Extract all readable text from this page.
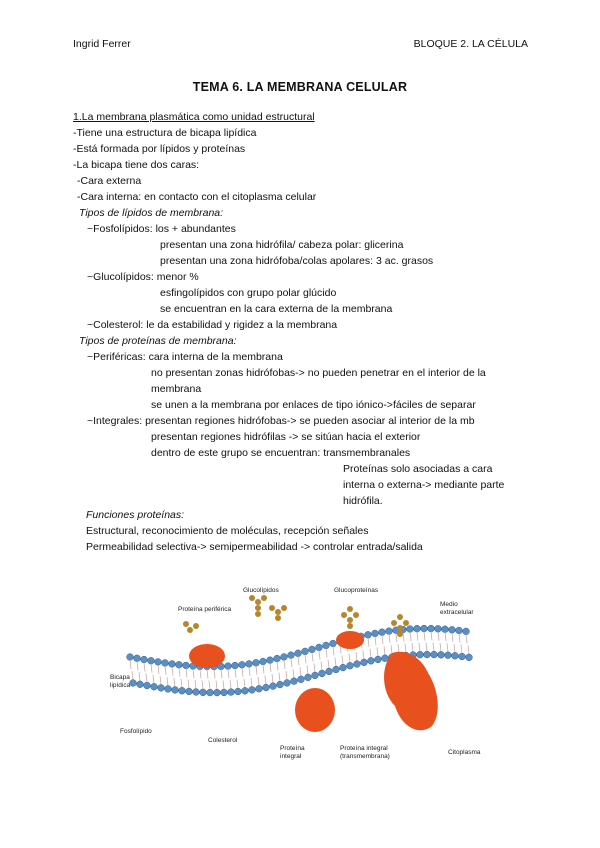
Ingrid Ferrer	BLOQUE 2. LA CÉLULA
TEMA 6. LA MEMBRANA CELULAR
1.La membrana plasmática como unidad estructural
-Tiene una estructura de bicapa lipídica
-Está formada por lípidos y proteínas
-La bicapa tiene dos caras:
-Cara externa
-Cara interna: en contacto con el citoplasma celular
Tipos de lípidos de membrana:
~Fosfolípidos: los + abundantes
presentan una zona hidrófila/ cabeza polar: glicerina
presentan una zona hidrófoba/colas apolares: 3 ac. grasos
~Glucolípidos: menor %
esfingolípidos con grupo polar glúcido
se encuentran en la cara externa de la membrana
~Colesterol: le da estabilidad y rigidez a la membrana
Tipos de proteínas de membrana:
~Periféricas: cara interna de la membrana
no presentan zonas hidrófobas-> no pueden penetrar en el interior de la
membrana
se unen a la membrana por enlaces de tipo iónico->fáciles de separar
~Integrales: presentan regiones hidrófobas-> se pueden asociar al interior de la mb
presentan regiones hidrófilas -> se sitúan hacia el exterior
dentro de este grupo se encuentran: transmembranales
Proteínas solo asociadas a cara
interna o externa-> mediante parte
hidrófila.
Funciones proteínas:
Estructural, reconocimiento de moléculas, recepción señales
Permeabilidad selectiva-> semipermeabilidad -> controlar entrada/salida
Glucolípidos	Glucoproteínas
Proteína periférica
Medio
extracelular
Bicapa
lipídica
Fosfolípido
Colesterol
Proteína
integral
Proteína integral
(transmembrana)
Citoplasma
